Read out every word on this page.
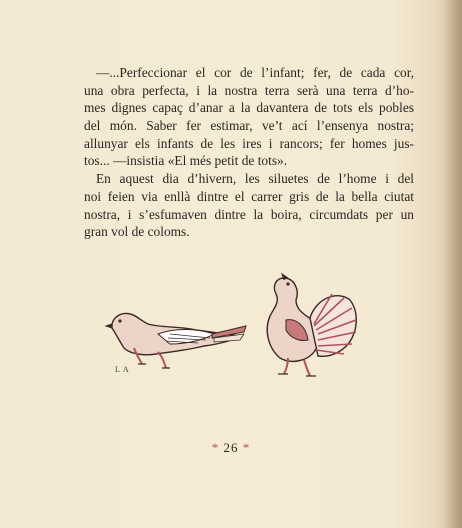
—...Perfeccionar el cor de l’infant; fer, de cada cor,
una obra perfecta, i la nostra terra serà una terra d’ho-
mes dignes capaç d’anar a la davantera de tots els pobles
del món. Saber fer estimar, ve’t ací l’ensenya nostra;
allunyar els infants de les ires i rancors; fer homes jus-
tos... —insistia «El més petit de tots».
En aquest dia d’hivern, les siluetes de l’home i del
noi feien via enllà dintre el carrer gris de la bella ciutat
nostra, i s’esfumaven dintre la boira, circumdats per un
gran vol de coloms.
LA
* 26 *
